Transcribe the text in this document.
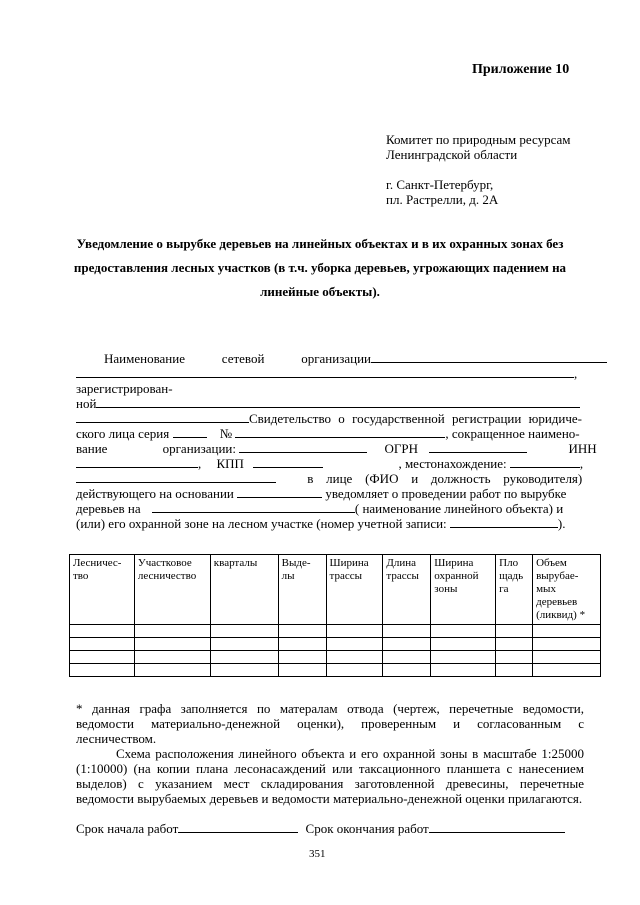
Приложение 10
Комитет по природным ресурсам
Ленинградской области
г. Санкт-Петербург,
пл. Растрелли, д. 2А
Уведомление о вырубке деревьев на линейных объектах и в их охранных зонах без предоставления лесных участков (в т.ч. уборка деревьев, угрожающих падением на линейные объекты).
Наименование сетевой организации
,
зарегистрирован-
ной
Свидетельство о государственной регистрации юридиче-
ского лица серия	№	, сокращенное наимено-
вание организации:	ОГРН	ИНН
, КПП	, местонахождение:	,
в лице (ФИО и должность руководителя)
действующего на основании	уведомляет о проведении работ по вырубке
деревьев на	( наименование линейного объекта) и
(или) его охранной зоне на лесном участке (номер учетной записи:	).
Лесничес-тво	Участковое лесничество	кварталы	Выде-лы	Ширина трассы	Длина трассы	Ширина охранной зоны	Пло щадь га	Объем вырубае-мых деревьев (ликвид) *

* данная графа заполняется по матерaлам отвода (чертеж, перечетные ведомости, ведомости материально-денежной оценки), проверенным и согласованным с лесничеством.
Схема расположения линейного объекта и его охранной зоны в масштабе 1:25000 (1:10000) (на копии плана лесонасаждений или таксационного планшета с нанесением выделов) с указанием мест складирования заготовленной древесины, перечетные ведомости вырубаемых деревьев и ведомости материально-денежной оценки прилагаются.
Срок начала работ	Срок окончания работ
351
